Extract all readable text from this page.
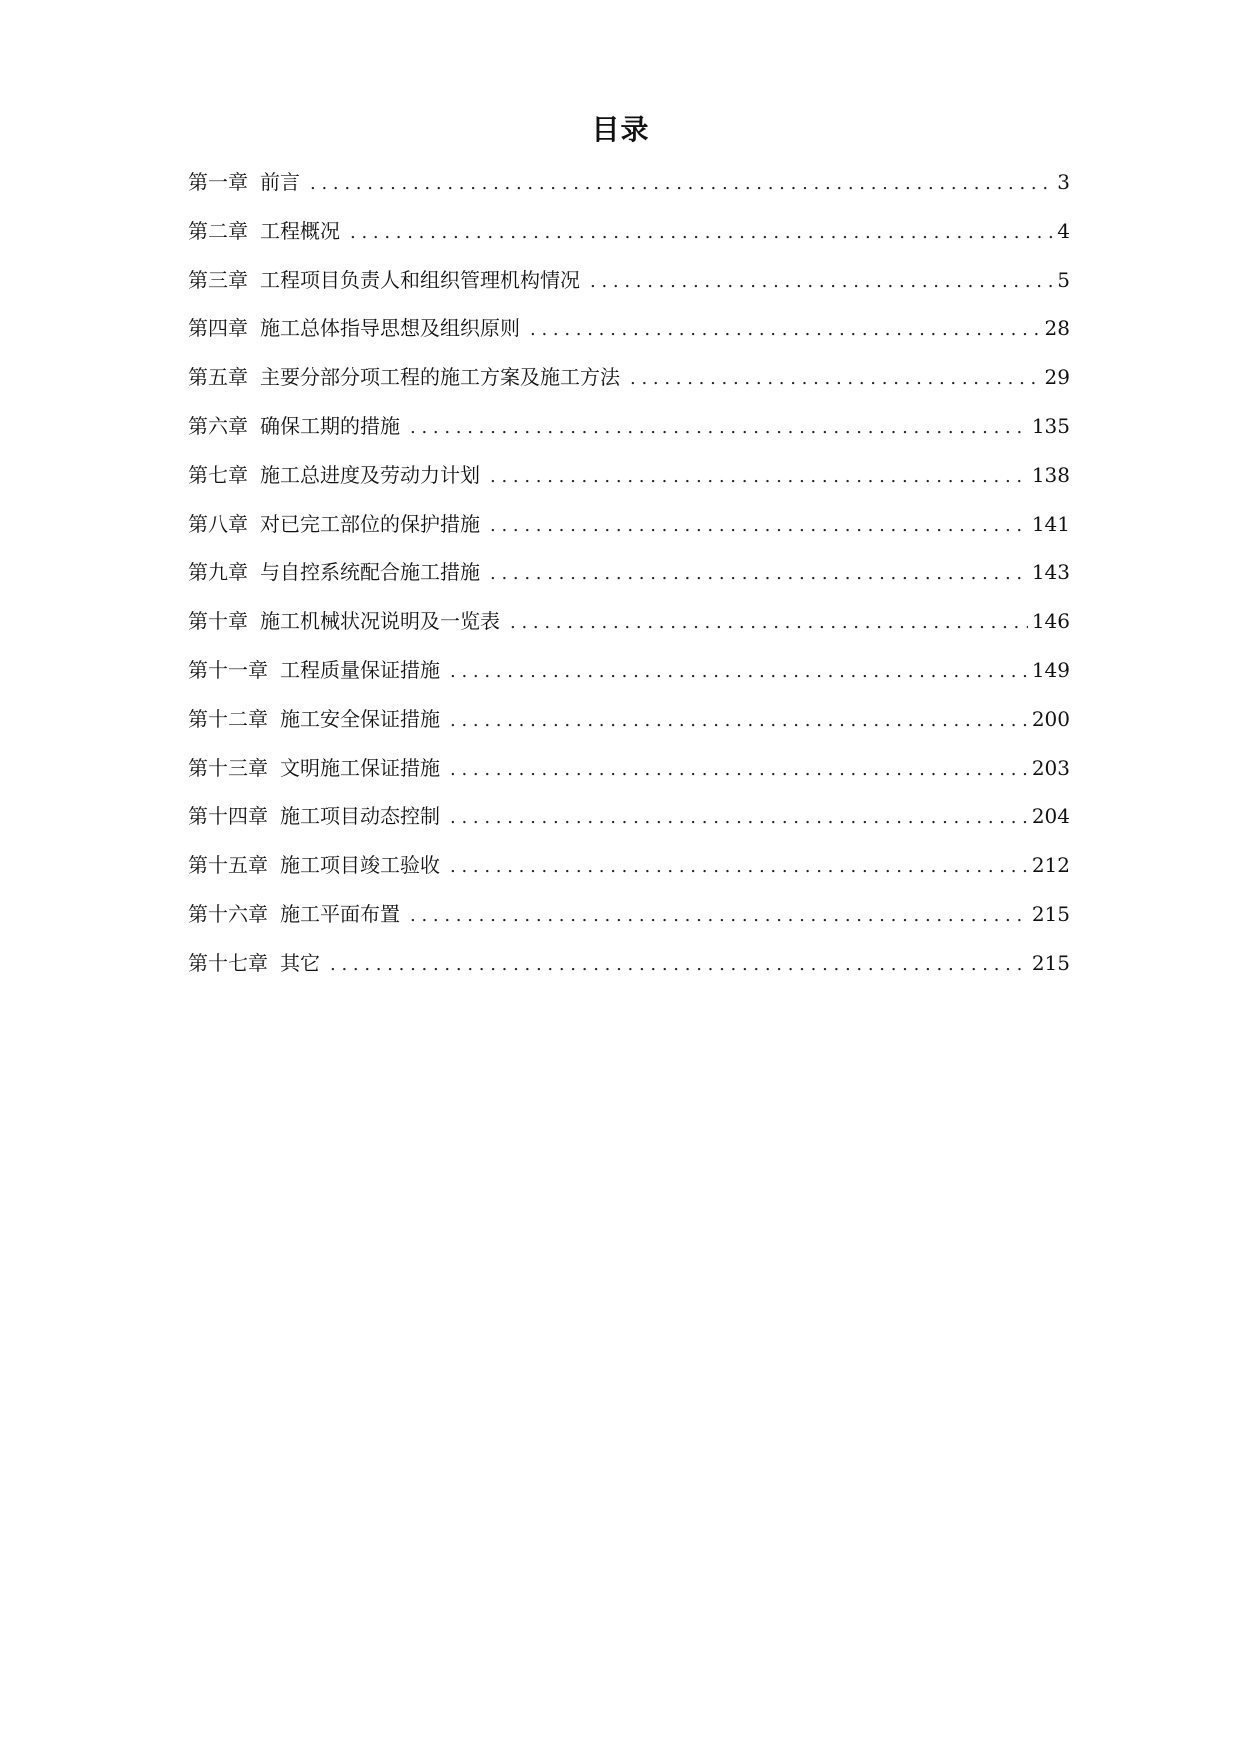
目录
第一章 前言 . . .	3
第二章 工程概况 . . .	4
第三章 工程项目负责人和组织管理机构情况 . . .	5
第四章 施工总体指导思想及组织原则 . . .	28
第五章 主要分部分项工程的施工方案及施工方法 . . .	29
第六章 确保工期的措施 . . .	135
第七章 施工总进度及劳动力计划 . . .	138
第八章 对已完工部位的保护措施 . . .	141
第九章 与自控系统配合施工措施 . . .	143
第十章 施工机械状况说明及一览表 . . .	146
第十一章 工程质量保证措施 . . .	149
第十二章 施工安全保证措施 . . .	200
第十三章 文明施工保证措施 . . .	203
第十四章 施工项目动态控制 . . .	204
第十五章 施工项目竣工验收 . . .	212
第十六章 施工平面布置 . . .	215
第十七章 其它 . . .	215
